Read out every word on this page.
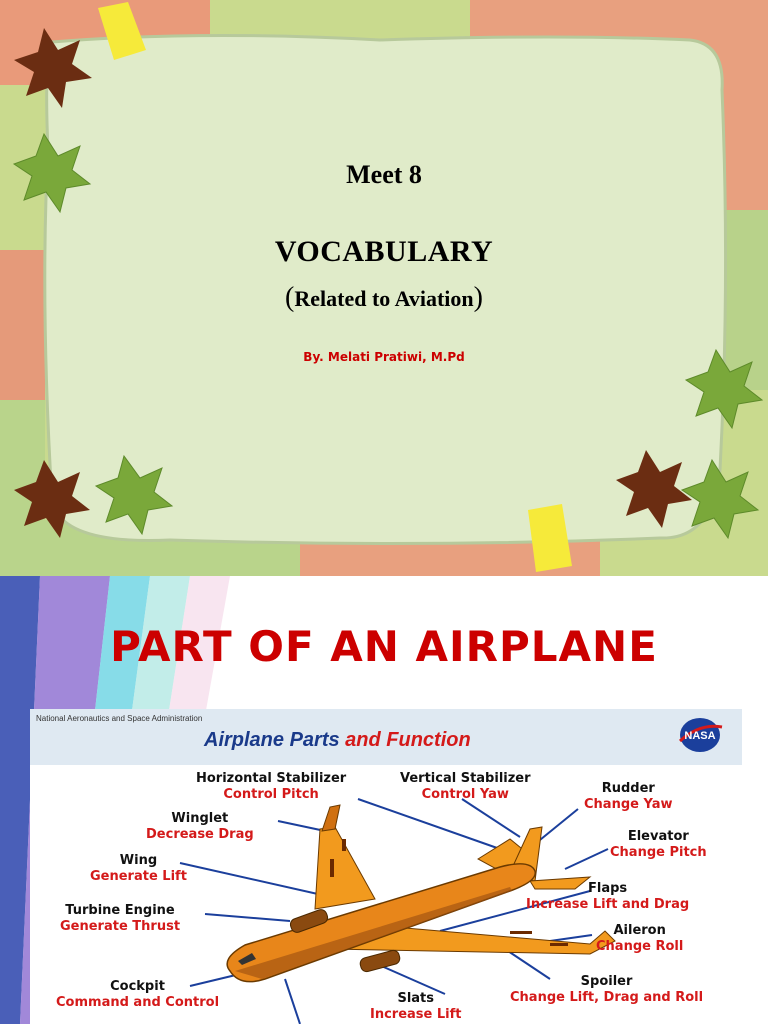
Meet 8
VOCABULARY
(Related to Aviation)
By. Melati Pratiwi, M.Pd
PART OF AN AIRPLANE
National Aeronautics and Space Administration
Airplane Parts and Function	NASA
Horizontal Stabilizer
Control Pitch
Vertical Stabilizer
Control Yaw	Rudder
Change Yaw
Winglet
Decrease Drag	Elevator
Change Pitch
Wing
Generate Lift
Flaps
Increase Lift and Drag
Turbine Engine
Generate Thrust	Aileron
Change Roll
Cockpit
Command and Control
Spoiler
Change Lift, Drag and Roll
Slats
Increase Lift
